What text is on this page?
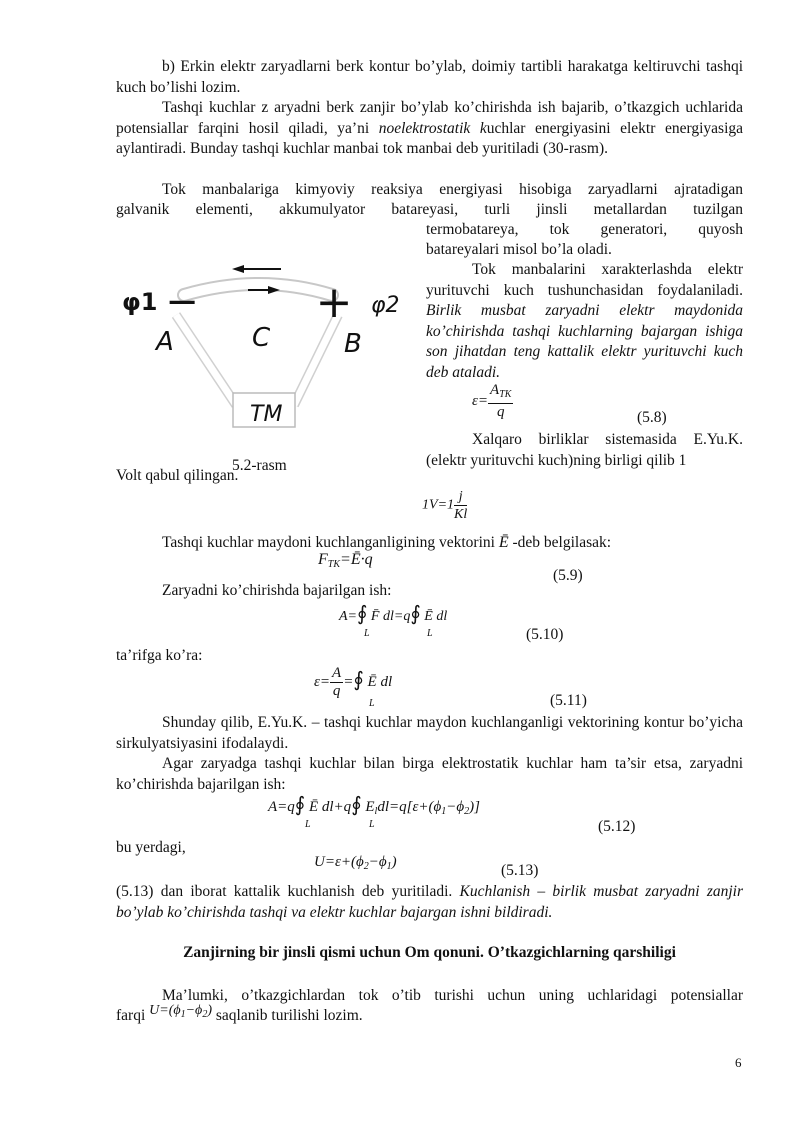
b) Erkin elektr zaryadlarni berk kontur bo’ylab, doimiy tartibli harakatga keltiruvchi tashqi kuch bo’lishi lozim.
Tashqi kuchlar z aryadni berk zanjir bo’ylab ko’chirishda ish bajarib, o’tkazgich uchlarida potensiallar farqini hosil qiladi, ya’ni noelektrostatik kuchlar energiyasini elektr energiyasiga aylantiradi. Bunday tashqi kuchlar manbai tok manbai deb yuritiladi (30-rasm).
Tok manbalariga kimyoviy reaksiya energiyasi hisobiga zaryadlarni ajratadigan
galvanik elementi, akkumulyator batareyasi, turli jinsli metallardan tuzilgan
termobatareya, tok generatori, quyosh
batareyalari misol bo’la oladi.
Tok manbalarini xarakterlashda elektr yurituvchi kuch tushunchasidan foydalaniladi. Birlik musbat zaryadni elektr maydonida ko’chirishda tashqi kuchlarning bajargan ishiga son jihatdan teng kattalik elektr yurituvchi kuch deb ataladi.
$\varepsilon= \frac{A_{TK}}{q}$	(5.8)
Xalqaro birliklar sistemasida E.Yu.K. (elektr yurituvchi kuch)ning birligi qilib 1
−	+
φ1	φ2
A	B
C
TM
5.2-rasm
Volt qabul qilingan.
$1V=1 \frac{j}{Kl}$
Tashqi kuchlar maydoni kuchlanganligining vektorini Ē -deb belgilasak:
$F_{TK}=Ē\cdot q$
(5.9)
Zaryadni ko’chirishda bajarilgan ish:
A=∮ F̄ dl=q∮ Ē dl
L	L	(5.10)
ta’rifga ko’ra:
$\varepsilon= \frac{A}{q}$ =∮ Ē dl
L	(5.11)
Shunday qilib, E.Yu.K. – tashqi kuchlar maydon kuchlanganligi vektorining kontur bo’yicha sirkulyatsiyasini ifodalaydi.
Agar zaryadga tashqi kuchlar bilan birga elektrostatik kuchlar ham ta’sir etsa, zaryadni ko’chirishda bajarilgan ish:
A=q∮ Ē dl+q∮ $E_ldl=q[\varepsilon+(\phi_1-\phi_2)]$
L	L	(5.12)
bu yerdagi,
$U=\varepsilon+(\phi_2-\phi_1)$	(5.13)
(5.13) dan iborat kattalik kuchlanish deb yuritiladi. Kuchlanish – birlik musbat zaryadni zanjir bo’ylab ko’chirishda tashqi va elektr kuchlar bajargan ishni bildiradi.
Zanjirning bir jinsli qismi uchun Om qonuni. O’tkazgichlarning qarshiligi
Ma’lumki, o’tkazgichlardan tok o’tib turishi uchun uning uchlaridagi potensiallar
farqi $U=(\phi_1-\phi_2)$ saqlanib turilishi lozim.
6
